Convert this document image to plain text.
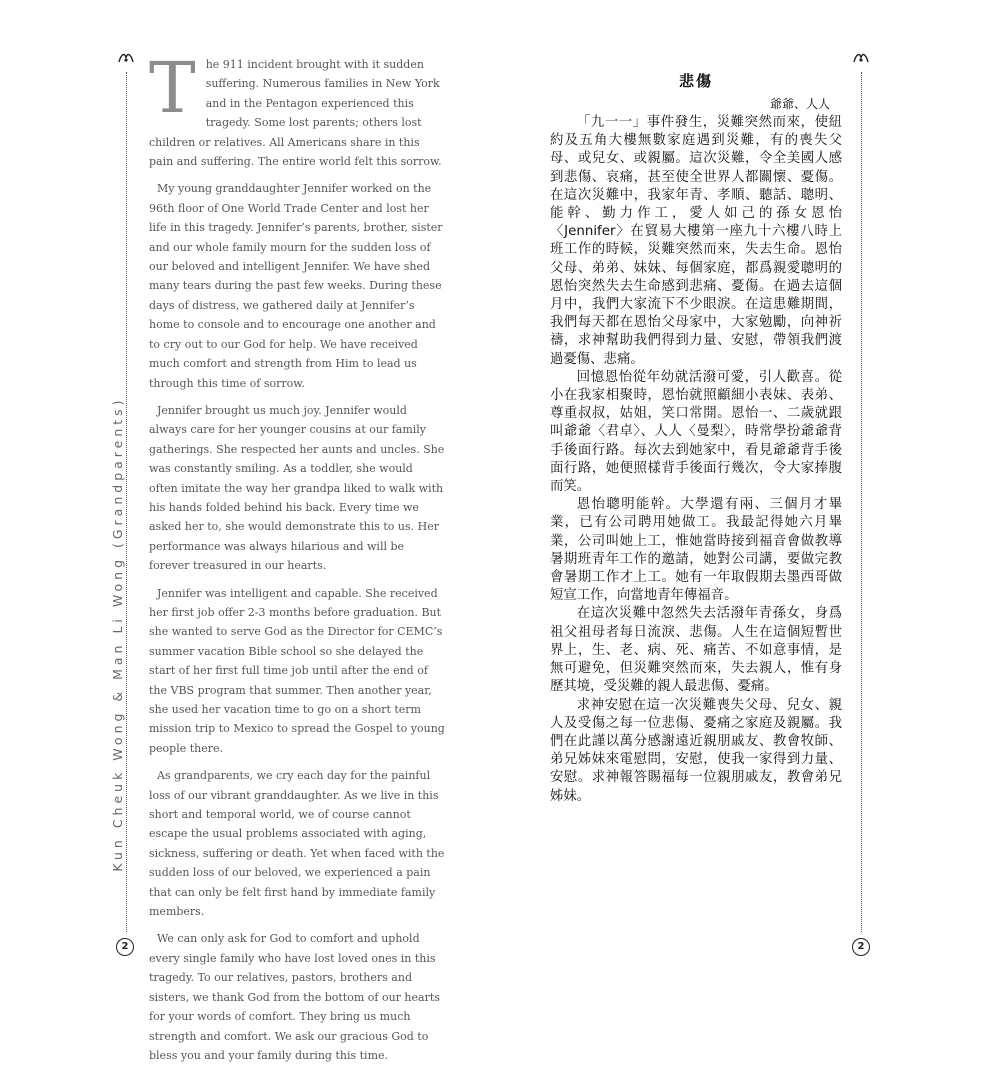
Kun Cheuk Wong & Man Li Wong (Grandparents)
2	2

T he 911 incident brought with it sudden suffering. Numerous families in New York and in the Pentagon experienced this tragedy. Some lost parents; others lost children or relatives. All Americans share in this pain and suffering. The entire world felt this sorrow.

My young granddaughter Jennifer worked on the 96th floor of One World Trade Center and lost her life in this tragedy. Jennifer’s parents, brother, sister and our whole family mourn for the sudden loss of our beloved and intelligent Jennifer. We have shed many tears during the past few weeks. During these days of distress, we gathered daily at Jennifer’s home to console and to encourage one another and to cry out to our God for help. We have received much comfort and strength from Him to lead us through this time of sorrow.

Jennifer brought us much joy. Jennifer would always care for her younger cousins at our family gatherings. She respected her aunts and uncles. She was constantly smiling. As a toddler, she would often imitate the way her grandpa liked to walk with his hands folded behind his back. Every time we asked her to, she would demonstrate this to us. Her performance was always hilarious and will be forever treasured in our hearts.

Jennifer was intelligent and capable. She received her first job offer 2-3 months before graduation. But she wanted to serve God as the Director for CEMC’s summer vacation Bible school so she delayed the start of her first full time job until after the end of the VBS program that summer. Then another year, she used her vacation time to go on a short term mission trip to Mexico to spread the Gospel to young people there.

As grandparents, we cry each day for the painful loss of our vibrant granddaughter. As we live in this short and temporal world, we of course cannot escape the usual problems associated with aging, sickness, suffering or death. Yet when faced with the sudden loss of our beloved, we experienced a pain that can only be felt first hand by immediate family members.

We can only ask for God to comfort and uphold every single family who have lost loved ones in this tragedy. To our relatives, pastors, brothers and sisters, we thank God from the bottom of our hearts for your words of comfort. They bring us much strength and comfort. We ask our gracious God to bless you and your family during this time.

悲傷
爺爺、人人

「九一一」事件發生，災難突然而來，使紐約及五角大樓無數家庭遇到災難，有的喪失父母、或兒女、或親屬。這次災難，令全美國人感到悲傷、哀痛，甚至使全世界人都關懷、憂傷。在這次災難中，我家年青、孝順、聽話、聰明、能幹、勤力作工，愛人如己的孫女恩怡〈Jennifer〉在貿易大樓第一座九十六樓八時上班工作的時候，災難突然而來，失去生命。恩怡父母、弟弟、妹妹、每個家庭，都爲親愛聰明的恩怡突然失去生命感到悲痛、憂傷。在過去這個月中，我們大家流下不少眼淚。在這患難期間，我們每天都在恩怡父母家中，大家勉勵，向神祈禱，求神幫助我們得到力量、安慰，帶領我們渡過憂傷、悲痛。

回憶恩怡從年幼就活潑可愛，引人歡喜。從小在我家相聚時，恩怡就照顧細小表妹、表弟、尊重叔叔，姑姐，笑口常開。恩怡一、二歲就跟叫爺爺〈君卓〉、人人〈曼梨〉，時常學扮爺爺背手後面行路。每次去到她家中，看見爺爺背手後面行路，她便照樣背手後面行幾次，令大家捧腹而笑。

恩怡聰明能幹。大學還有兩、三個月才畢業，已有公司聘用她做工。我最記得她六月畢業，公司叫她上工，惟她當時接到福音會做教導暑期班青年工作的邀請，她對公司講，要做完教會暑期工作才上工。她有一年取假期去墨西哥做短宣工作，向當地青年傳福音。

在這次災難中忽然失去活潑年青孫女，身爲祖父祖母者每日流淚、悲傷。人生在這個短暫世界上，生、老、病、死、痛苦、不如意事情，是無可避免，但災難突然而來，失去親人，惟有身歷其境，受災難的親人最悲傷、憂痛。

求神安慰在這一次災難喪失父母、兒女、親人及受傷之每一位悲傷、憂痛之家庭及親屬。我們在此謹以萬分感謝遠近親朋戚友、教會牧師、弟兄姊妹來電慰問，安慰，使我一家得到力量、安慰。求神報答賜福每一位親朋戚友，教會弟兄姊妹。
